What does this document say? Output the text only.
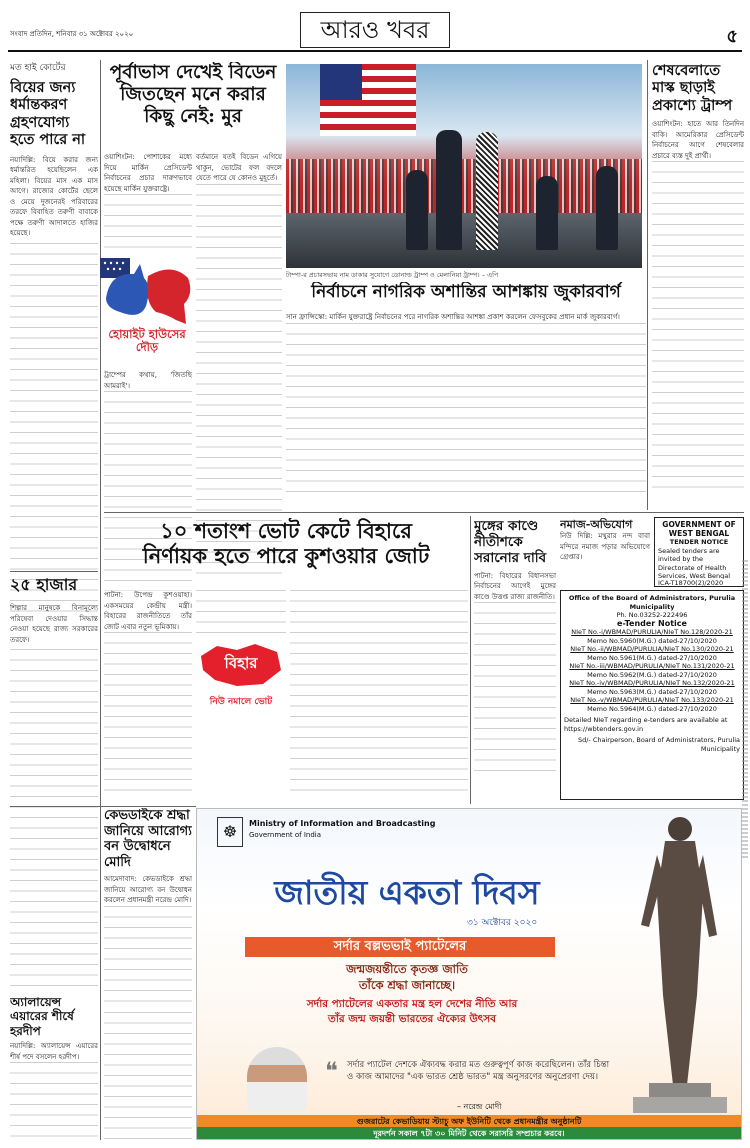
সংবাদ প্রতিদিন, শনিবার ৩১ অক্টোবর ২০২০	আরও খবর	৫
মত হাই কোর্টের
বিয়ের জন্য ধর্মান্তকরণ গ্রহণযোগ্য হতে পারে না
নয়াদিল্লি: বিয়ে করার জন্য ধর্মান্তরিত হয়েছিলেন এক মহিলা। বিয়ের মাস এক মাস আগে। রাজ্যের কোর্টের ছেলে ও মেয়ে দুজনেরই পরিবারের তরফে বিবাহিত তরুণী বাবাকে পক্ষে তরুণী আদালতে হাজির হয়েছে।
২৫ হাজার
শিল্পার মানুষকে বিনামূল্যে পরিষেবা দেওয়ার সিদ্ধান্ত নেওয়া হয়েছে রাজ্য সরকারের তরফে।
পূর্বাভাস দেখেই বিডেন জিতছেন মনে করার কিছু নেই: মুর
ওয়াশিংটন: পোশাকের মধ্যে দিয়ে মার্কিন প্রেসিডেন্ট নির্বাচনের প্রচার দারুণভাবে হয়েছে মার্কিন যুক্তরাষ্ট্রে।
বর্তমানে যতই বিডেন এগিয়ে থাকুন, ভোটের ফল বদলে যেতে পারে যে কোনও মুহূর্তে।
ট্রাম্পের কথায়, 'জিতছি আমরাই'।
হোয়াইট হাউসের দৌড়
টাম্পা-র প্রচারসভায় নাম ডাকার সুযোগে ডোনাল্ড ট্রাম্প ও মেলানিয়া ট্রাম্প। – এপি
শেষবেলাতে মাস্ক ছাড়াই প্রকাশ্যে ট্রাম্প
ওয়াশিংটন: হাতে আর তিনদিন বাকি। আমেরিকার প্রেসিডেন্ট নির্বাচনের আগে শেষবেলার প্রচারে ব্যস্ত দুই প্রার্থী।
নির্বাচনে নাগরিক অশান্তির আশঙ্কায় জুকারবার্গ
সান ফ্রান্সিস্কো: মার্কিন যুক্তরাষ্ট্রে নির্বাচনের পরে নাগরিক অশান্তির আশঙ্কা প্রকাশ করলেন ফেসবুকের প্রধান মার্ক জুকারবার্গ।
১০ শতাংশ ভোট কেটে বিহারে
নির্ণায়ক হতে পারে কুশওয়ার জোট
পাটনা: উপেন্দ্র কুশওয়াহা। একসময়ের কেন্দ্রীয় মন্ত্রী। বিহারের রাজনীতিতে তাঁর জোট এবার নতুন ভূমিকায়।
বিহার
নিউ নমালে ভোট
মুঙ্গের কাণ্ডে নীতীশকে সরানোর দাবি
পাটনা: বিহারের বিধানসভা নির্বাচনের আগেই মুঙ্গের কাণ্ডে উত্তপ্ত রাজ্য রাজনীতি।
GOVERNMENT OF WEST BENGAL
TENDER NOTICE
Sealed tenders are invited by the Directorate of Health Services, West Bengal
ICA-T18700(2)/2020
নমাজ-অভিযোগ
নিউ দিল্লি: মথুরার নন্দ বাবা মন্দিরে নমাজ পড়ার অভিযোগে গ্রেপ্তার।
Office of the Board of Administrators, Purulia Municipality
Ph. No.03252-222496
e-Tender Notice
NIeT No.-i/WBMAD/PURULIA/NIeT No.128/2020-21
Memo No.5960(M.G.) dated-27/10/2020
NIeT No.-ii/WBMAD/PURULIA/NIeT No.130/2020-21
Memo No.5961(M.G.) dated-27/10/2020
NIeT No.-iii/WBMAD/PURULIA/NIeT No.131/2020-21
Memo No.5962(M.G.) dated-27/10/2020
NIeT No.-iv/WBMAD/PURULIA/NIeT No.132/2020-21
Memo No.5963(M.G.) dated-27/10/2020
NIeT No.-v/WBMAD/PURULIA/NIeT No.133/2020-21
Memo No.5964(M.G.) dated-27/10/2020
Detailed NIeT regarding e-tenders are available at https://wbtenders.gov.in
Sd/- Chairperson, Board of Administrators, Purulia Municipality
কেভডাইকে শ্রদ্ধা জানিয়ে আরোগ্য বন উদ্বোধনে মোদি
আমেদাবাদ: কেভডাইকে শ্রদ্ধা জানিয়ে আরোগ্য বন উদ্বোধন করলেন প্রধানমন্ত্রী নরেন্দ্র মোদি।
অ্যালায়েন্স এয়ারের শীর্ষে হরদীপ
নয়াদিল্লি: অ্যালায়েন্স এয়ারের শীর্ষ পদে বসলেন হরদীপ।
☸	Ministry of Information and Broadcasting
Government of India
জাতীয় একতা দিবস
৩১ অক্টোবর ২০২০
সর্দার বল্লভভাই প্যাটেলের
জন্মজয়ন্তীতে কৃতজ্ঞ জাতি
তাঁকে শ্রদ্ধা জানাচ্ছে।
সর্দার প্যাটেলের একতার মন্ত্র হল দেশের নীতি আর
তাঁর জন্ম জয়ন্তী ভারতের ঐক্যের উৎসব
❝ সর্দার প্যাটেল দেশকে ঐক্যবদ্ধ করার মত গুরুত্বপূর্ণ কাজ করেছিলেন। তাঁর চিন্তা ও কাজ আমাদের "এক ভারত শ্রেষ্ঠ ভারত" মন্ত্র অনুসরণের অনুপ্রেরণা দেয়।
– নরেন্দ্র মোদী
গুজরাটের কেভাডিয়ায় স্ট্যাচু অফ ইউনিটি থেকে প্রধানমন্ত্রীর অনুষ্ঠানটি
দূরদর্শন সকাল ৭টা ৩০ মিনিট থেকে সরাসরি সম্প্রচার করবে।
